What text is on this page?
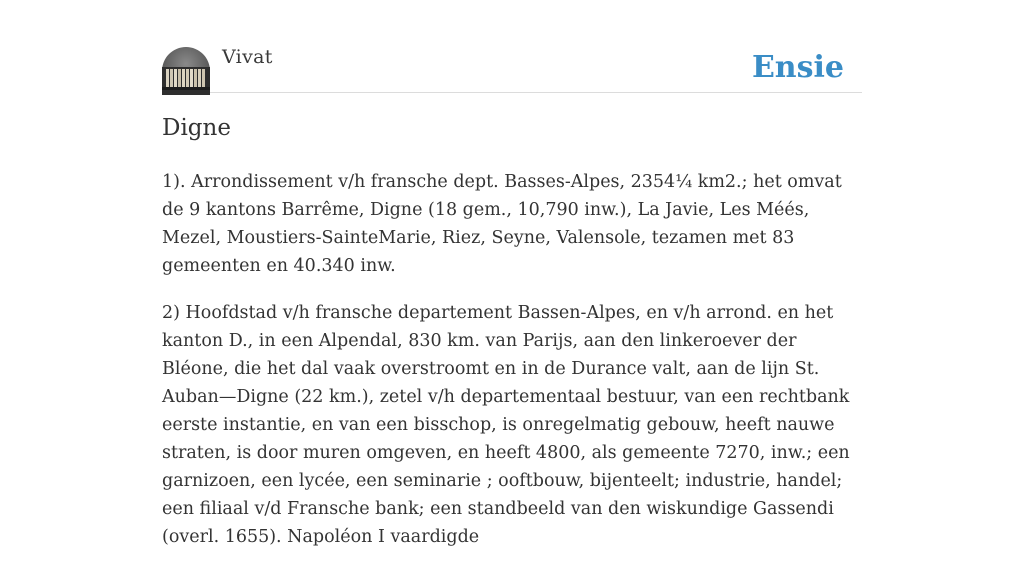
Vivat	Ensie
Digne

1). Arrondissement v/h fransche dept. Basses-Alpes, 2354¼ km2.; het omvat de 9 kantons Barrême, Digne (18 gem., 10,790 inw.), La Javie, Les Méés, Mezel, Moustiers-SainteMarie, Riez, Seyne, Valensole, tezamen met 83 gemeenten en 40.340 inw.

2) Hoofdstad v/h fransche departement Bassen-Alpes, en v/h arrond. en het kanton D., in een Alpendal, 830 km. van Parijs, aan den linkeroever der Bléone, die het dal vaak overstroomt en in de Durance valt, aan de lijn St. Auban—Digne (22 km.), zetel v/h departementaal bestuur, van een rechtbank eerste instantie, en van een bisschop, is onregelmatig gebouw, heeft nauwe straten, is door muren omgeven, en heeft 4800, als gemeente 7270, inw.; een garnizoen, een lycée, een seminarie ; ooftbouw, bijenteelt; industrie, handel; een filiaal v/d Fransche bank; een standbeeld van den wiskundige Gassendi (overl. 1655). Napoléon I vaardigde
